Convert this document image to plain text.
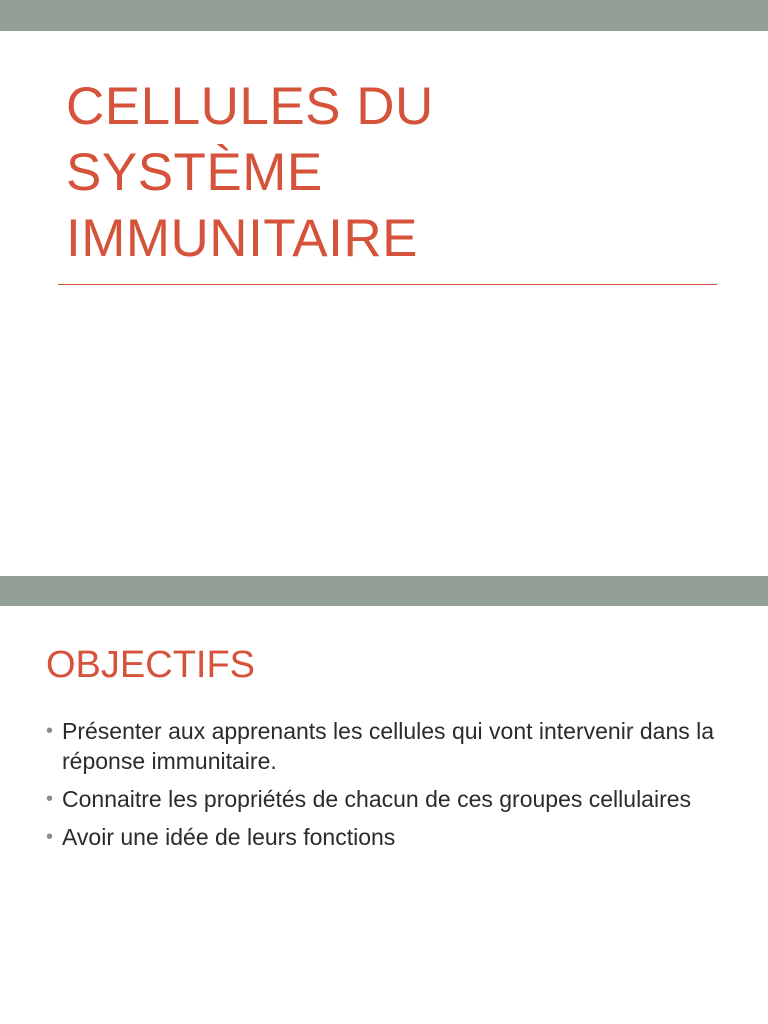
CELLULES DU
SYSTÈME
IMMUNITAIRE
OBJECTIFS
• Présenter aux apprenants les cellules qui vont intervenir dans la réponse immunitaire.
• Connaitre les propriétés de chacun de ces groupes cellulaires
• Avoir une idée de leurs fonctions
